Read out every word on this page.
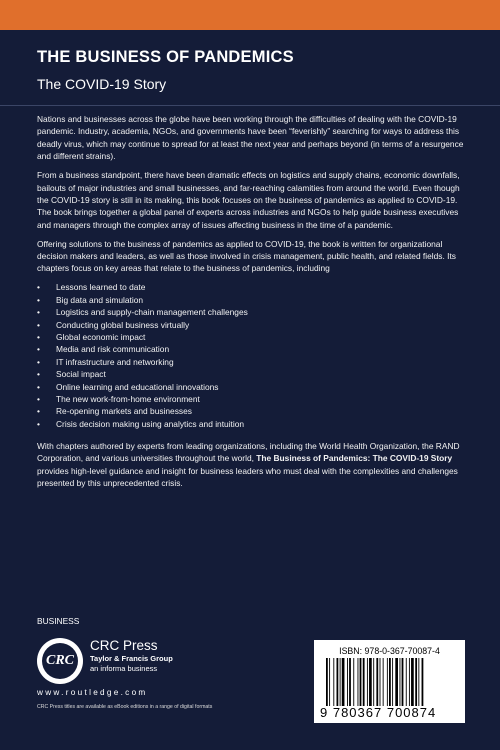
THE BUSINESS OF PANDEMICS
The COVID-19 Story

Nations and businesses across the globe have been working through the difficulties of dealing with the COVID-19 pandemic. Industry, academia, NGOs, and governments have been “feverishly” searching for ways to address this deadly virus, which may continue to spread for at least the next year and perhaps beyond (in terms of a resurgence and different strains).

From a business standpoint, there have been dramatic effects on logistics and supply chains, economic downfalls, bailouts of major industries and small businesses, and far-reaching calamities from around the world. Even though the COVID-19 story is still in its making, this book focuses on the business of pandemics as applied to COVID-19. The book brings together a global panel of experts across industries and NGOs to help guide business executives and managers through the complex array of issues affecting business in the time of a pandemic.

Offering solutions to the business of pandemics as applied to COVID-19, the book is written for organizational decision makers and leaders, as well as those involved in crisis management, public health, and related fields. Its chapters focus on key areas that relate to the business of pandemics, including

• Lessons learned to date
• Big data and simulation
• Logistics and supply-chain management challenges
• Conducting global business virtually
• Global economic impact
• Media and risk communication
• IT infrastructure and networking
• Social impact
• Online learning and educational innovations
• The new work-from-home environment
• Re-opening markets and businesses
• Crisis decision making using analytics and intuition

With chapters authored by experts from leading organizations, including the World Health Organization, the RAND Corporation, and various universities throughout the world, The Business of Pandemics: The COVID-19 Story provides high-level guidance and insight for business leaders who must deal with the complexities and challenges presented by this unprecedented crisis.

BUSINESS
CRC
CRC Press
Taylor & Francis Group
an informa business
www.routledge.com
CRC Press titles are available as eBook editions in a range of digital formats
ISBN: 978-0-367-70087-4
9 780367 700874
